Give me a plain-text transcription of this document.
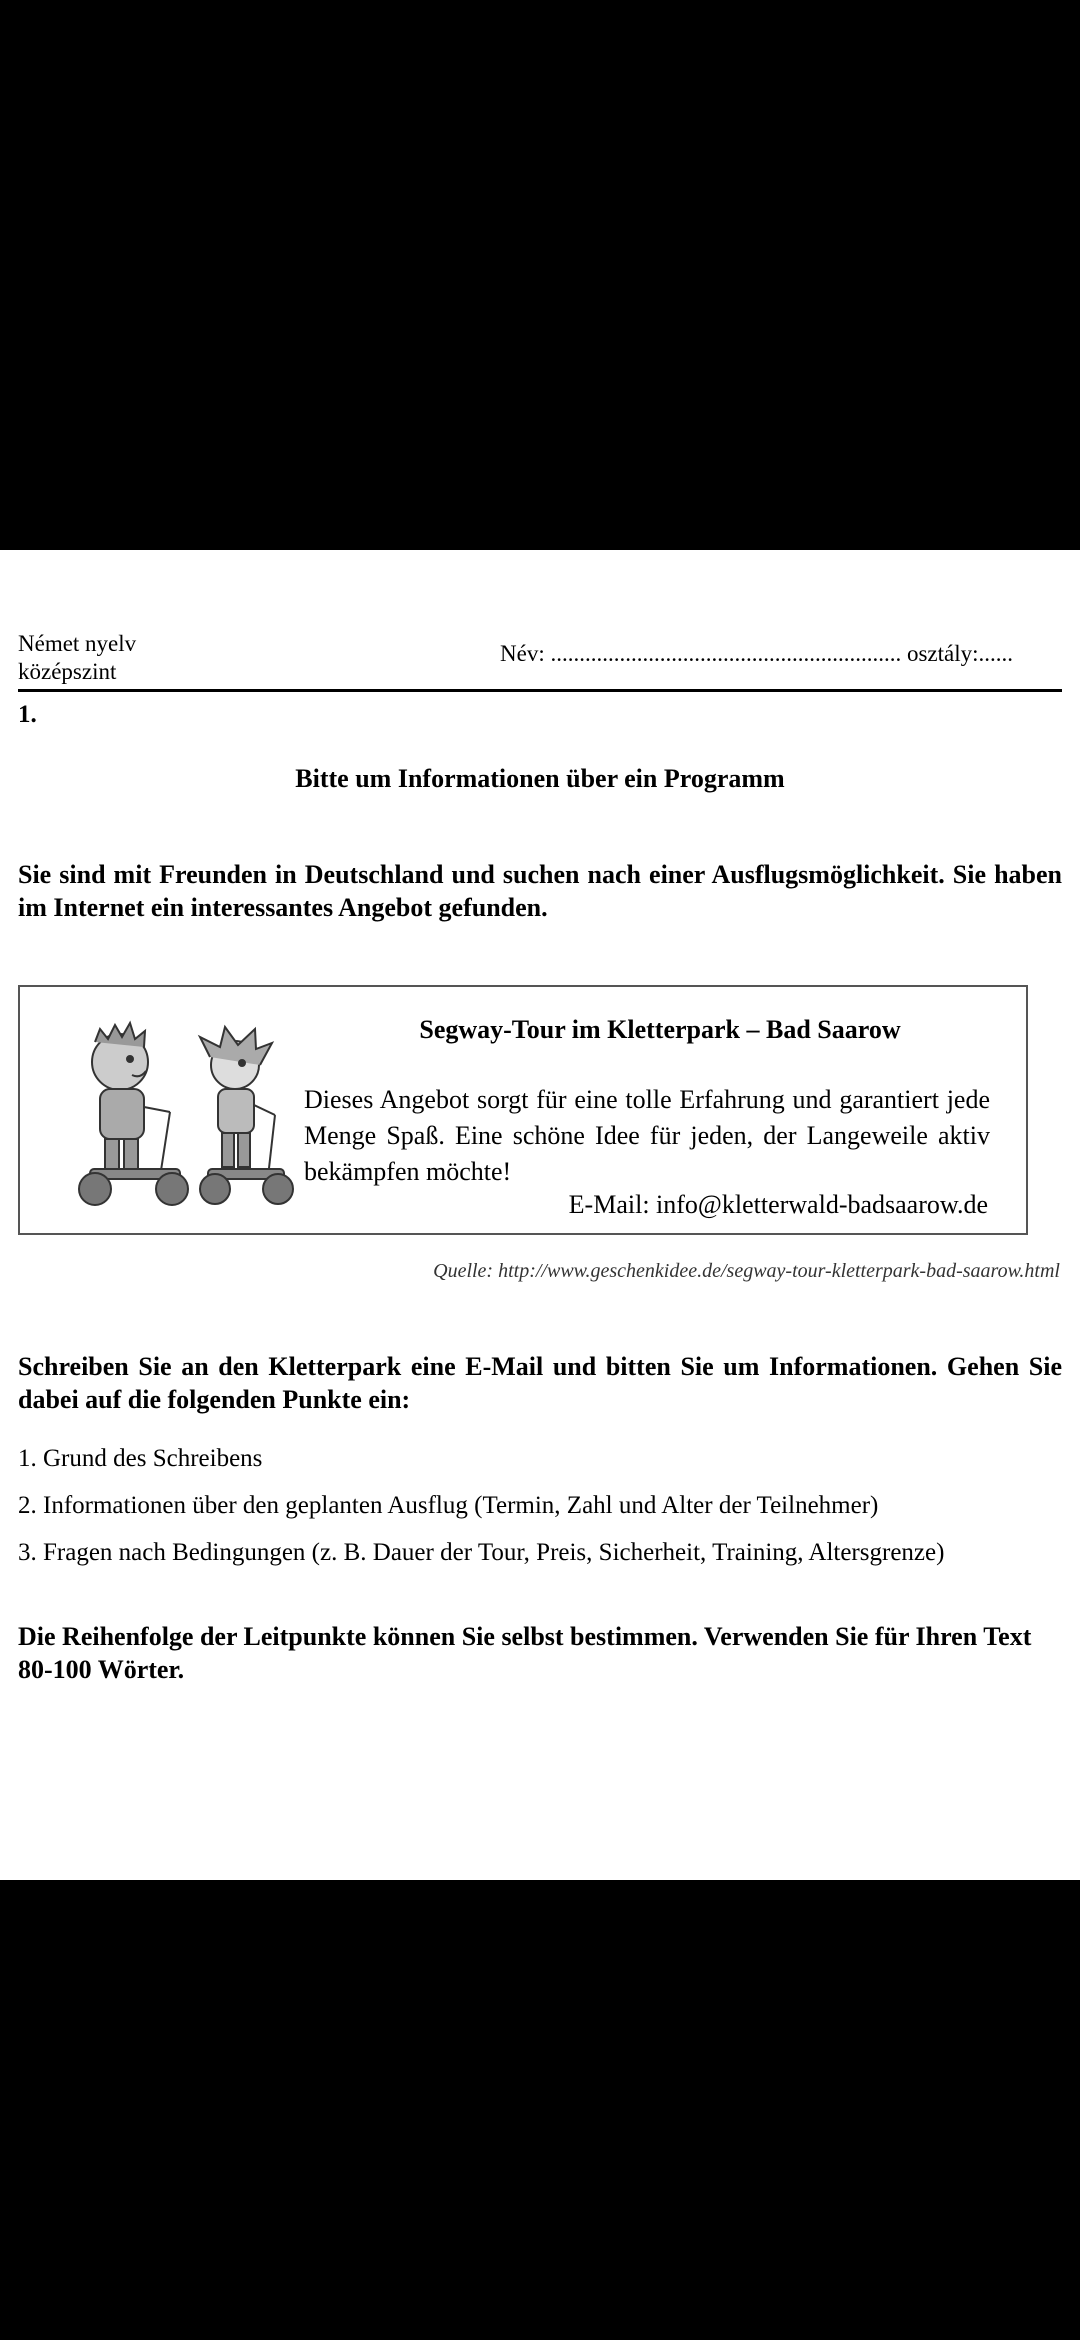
Német nyelv
középszint
Név: ............................................................. osztály:......
1.
Bitte um Informationen über ein Programm
Sie sind mit Freunden in Deutschland und suchen nach einer Ausflugsmöglichkeit. Sie haben im Internet ein interessantes Angebot gefunden.
Segway-Tour im Kletterpark – Bad Saarow
Dieses Angebot sorgt für eine tolle Erfahrung und garantiert jede Menge Spaß. Eine schöne Idee für jeden, der Langeweile aktiv bekämpfen möchte!
E-Mail: info@kletterwald-badsaarow.de
Quelle: http://www.geschenkidee.de/segway-tour-kletterpark-bad-saarow.html
Schreiben Sie an den Kletterpark eine E-Mail und bitten Sie um Informationen. Gehen Sie dabei auf die folgenden Punkte ein:
1. Grund des Schreibens
2. Informationen über den geplanten Ausflug (Termin, Zahl und Alter der Teilnehmer)
3. Fragen nach Bedingungen (z. B. Dauer der Tour, Preis, Sicherheit, Training, Altersgrenze)
Die Reihenfolge der Leitpunkte können Sie selbst bestimmen. Verwenden Sie für Ihren Text 80-100 Wörter.
